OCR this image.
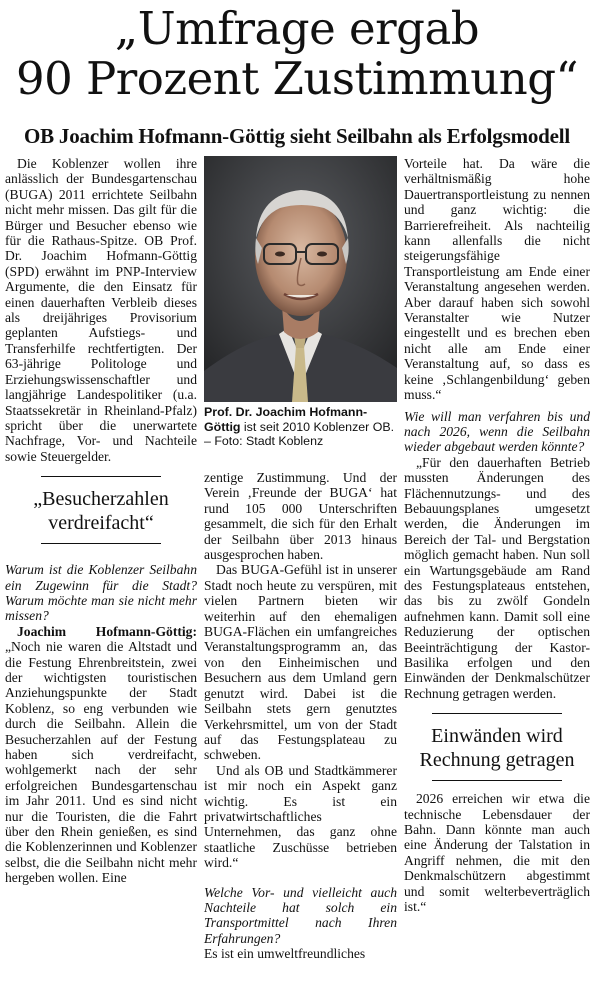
„Umfrage ergab
90 Prozent Zustimmung“
OB Joachim Hofmann-Göttig sieht Seilbahn als Erfolgsmodell

Die Koblenzer wollen ihre anlässlich der Bundesgartenschau (BUGA) 2011 errichtete Seilbahn nicht mehr missen. Das gilt für die Bürger und Besucher ebenso wie für die Rathaus-Spitze. OB Prof. Dr. Joachim Hofmann-Göttig (SPD) erwähnt im PNP-Interview Argumente, die den Einsatz für einen dauerhaften Verbleib dieses als dreijähriges Provisorium geplanten Aufstiegs- und Transferhilfe rechtfertigten. Der 63-jährige Politologe und Erziehungswissenschaftler und langjährige Landespolitiker (u.a. Staatssekretär in Rheinland-Pfalz) spricht über die unerwartete Nachfrage, Vor- und Nachteile sowie Steuergelder.

„Besucherzahlen verdreifacht“

Warum ist die Koblenzer Seilbahn ein Zugewinn für die Stadt? Warum möchte man sie nicht mehr missen?

Joachim Hofmann-Göttig: „Noch nie waren die Altstadt und die Festung Ehrenbreitstein, zwei der wichtigsten touristischen Anziehungspunkte der Stadt Koblenz, so eng verbunden wie durch die Seilbahn. Allein die Besucherzahlen auf der Festung haben sich verdreifacht, wohlgemerkt nach der sehr erfolgreichen Bundesgartenschau im Jahr 2011. Und es sind nicht nur die Touristen, die die Fahrt über den Rhein genießen, es sind die Koblenzerinnen und Koblenzer selbst, die die Seilbahn nicht mehr hergeben wollen. Eine

Prof. Dr. Joachim Hofmann-Göttig ist seit 2010 Koblenzer OB. – Foto: Stadt Koblenz

zentige Zustimmung. Und der Verein ‚Freunde der BUGA‘ hat rund 105 000 Unterschriften gesammelt, die sich für den Erhalt der Seilbahn über 2013 hinaus ausgesprochen haben.

Das BUGA-Gefühl ist in unserer Stadt noch heute zu verspüren, mit vielen Partnern bieten wir weiterhin auf den ehemaligen BUGA-Flächen ein umfangreiches Veranstaltungsprogramm an, das von den Einheimischen und Besuchern aus dem Umland gern genutzt wird. Dabei ist die Seilbahn stets gern genutztes Verkehrsmittel, um von der Stadt auf das Festungsplateau zu schweben.

Und als OB und Stadtkämmerer ist mir noch ein Aspekt ganz wichtig. Es ist ein privatwirtschaftliches Unternehmen, das ganz ohne staatliche Zuschüsse betrieben wird.“

Welche Vor- und vielleicht auch Nachteile hat solch ein Transportmittel nach Ihren Erfahrungen?

Es ist ein umweltfreundliches

Vorteile hat. Da wäre die verhältnismäßig hohe Dauertransportleistung zu nennen und ganz wichtig: die Barrierefreiheit. Als nachteilig kann allenfalls die nicht steigerungsfähige Transportleistung am Ende einer Veranstaltung angesehen werden. Aber darauf haben sich sowohl Veranstalter wie Nutzer eingestellt und es brechen eben nicht alle am Ende einer Veranstaltung auf, so dass es keine ‚Schlangenbildung‘ geben muss.“

Wie will man verfahren bis und nach 2026, wenn die Seilbahn wieder abgebaut werden könnte?

„Für den dauerhaften Betrieb mussten Änderungen des Flächennutzungs- und des Bebauungsplanes umgesetzt werden, die Änderungen im Bereich der Tal- und Bergstation möglich gemacht haben. Nun soll ein Wartungsgebäude am Rand des Festungsplateaus entstehen, das bis zu zwölf Gondeln aufnehmen kann. Damit soll eine Reduzierung der optischen Beeinträchtigung der Kastor-Basilika erfolgen und den Einwänden der Denkmalschützer Rechnung getragen werden.

Einwänden wird Rechnung getragen

2026 erreichen wir etwa die technische Lebensdauer der Bahn. Dann könnte man auch eine Änderung der Talstation in Angriff nehmen, die mit den Denkmalschützern abgestimmt und somit welterbeverträglich ist.“
